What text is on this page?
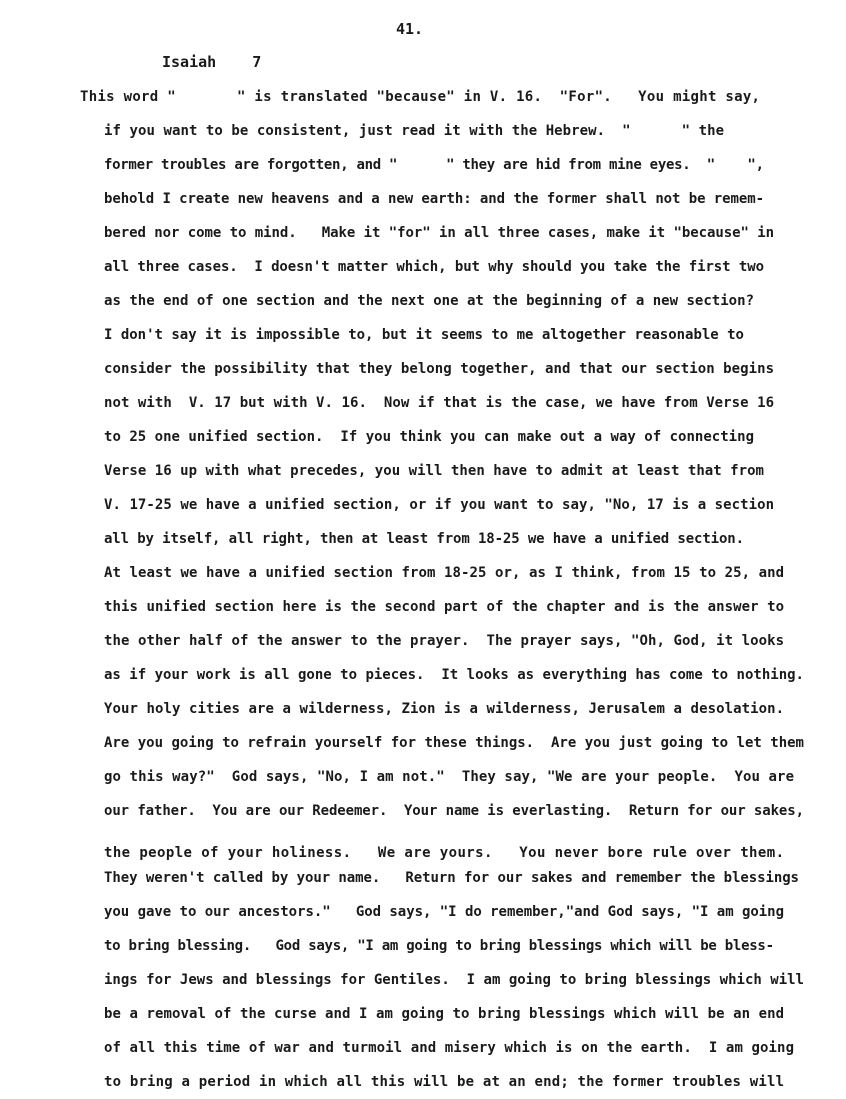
41.

Isaiah    7

This word "       " is translated "because" in V. 16.  "For".   You might say,

if you want to be consistent, just read it with the Hebrew.  "      " the

former troubles are forgotten, and "      " they are hid from mine eyes.  "    ",

behold I create new heavens and a new earth: and the former shall not be remem-

bered nor come to mind.   Make it "for" in all three cases, make it "because" in

all three cases.  I doesn't matter which, but why should you take the first two

as the end of one section and the next one at the beginning of a new section?

I don't say it is impossible to, but it seems to me altogether reasonable to

consider the possibility that they belong together, and that our section begins

not with  V. 17 but with V. 16.  Now if that is the case, we have from Verse 16

to 25 one unified section.  If you think you can make out a way of connecting

Verse 16 up with what precedes, you will then have to admit at least that from

V. 17-25 we have a unified section, or if you want to say, "No, 17 is a section

all by itself, all right, then at least from 18-25 we have a unified section.

At least we have a unified section from 18-25 or, as I think, from 15 to 25, and

this unified section here is the second part of the chapter and is the answer to

the other half of the answer to the prayer.  The prayer says, "Oh, God, it looks

as if your work is all gone to pieces.  It looks as everything has come to nothing.

Your holy cities are a wilderness, Zion is a wilderness, Jerusalem a desolation.

Are you going to refrain yourself for these things.  Are you just going to let them

go this way?"  God says, "No, I am not."  They say, "We are your people.  You are

our father.  You are our Redeemer.  Your name is everlasting.  Return for our sakes,

the people of your holiness.   We are yours.   You never bore rule over them.

They weren't called by your name.   Return for our sakes and remember the blessings

you gave to our ancestors."   God says, "I do remember,"and God says, "I am going

to bring blessing.   God says, "I am going to bring blessings which will be bless-

ings for Jews and blessings for Gentiles.  I am going to bring blessings which will

be a removal of the curse and I am going to bring blessings which will be an end

of all this time of war and turmoil and misery which is on the earth.  I am going

to bring a period in which all this will be at an end; the former troubles will
